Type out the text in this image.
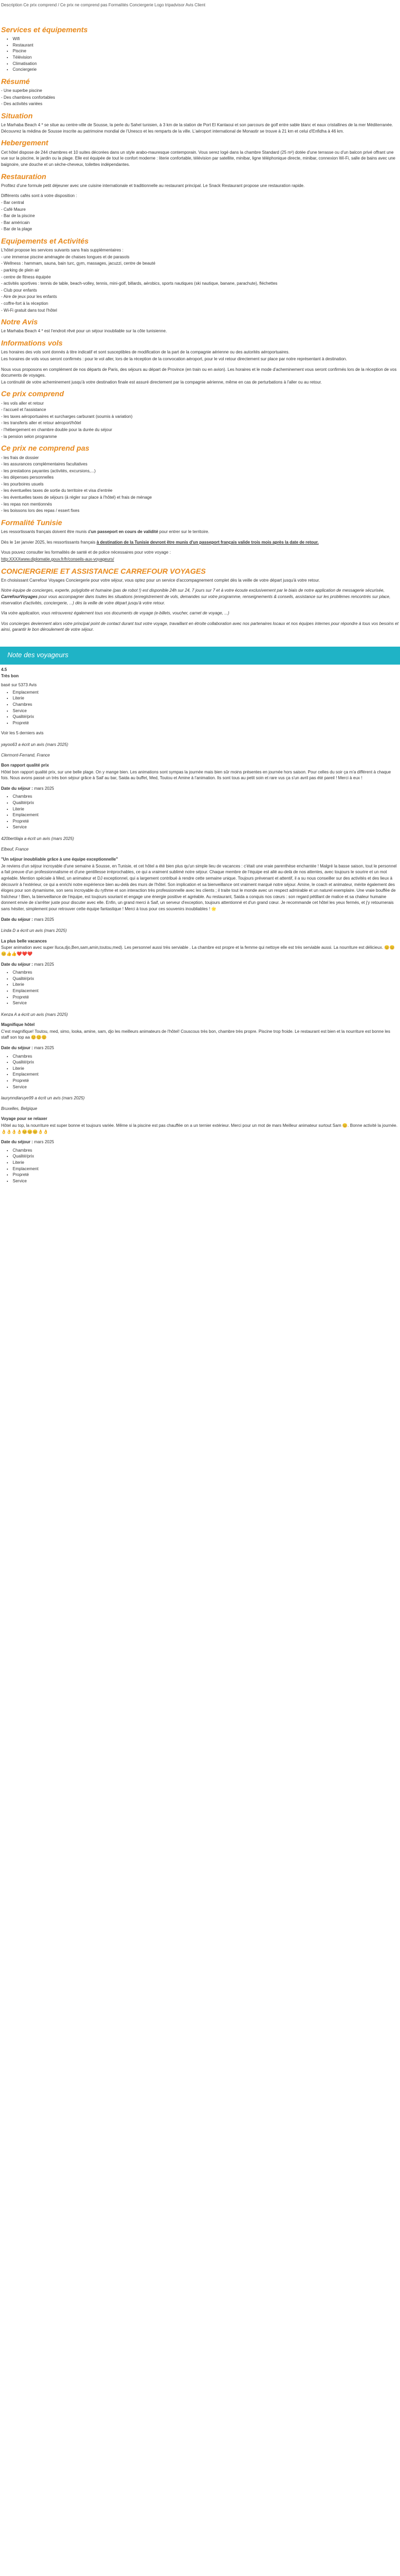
Description Ce prix comprend / Ce prix ne comprend pas Formalités Conciergerie Logo tripadvisor Avis Client
Services et équipements
• Wifi
• Restaurant
• Piscine
• Télévision
• Climatisation
• Conciergerie
Résumé

- Une superbe piscine

- Des chambres confortables

- Des activités variées

Situation

Le Marhaba Beach 4 * se situe au centre-ville de Sousse, la perle du Sahel tunisien, à 3 km de la station de Port El Kantaoui et son parcours de golf entre sable blanc et eaux cristallines de la mer Méditerranée. Découvrez la médina de Sousse inscrite au patrimoine mondial de l'Unesco et les remparts de la ville. L'aéroport international de Monastir se trouve à 21 km et celui d'Enfidha à 46 km.

Hebergement

Cet hôtel dispose de 244 chambres et 10 suites décorées dans un style arabo-mauresque contemporain. Vous serez logé dans la chambre Standard (25 m²) dotée d'une terrasse ou d'un balcon privé offrant une vue sur la piscine, le jardin ou la plage. Elle est équipée de tout le confort moderne : literie confortable, télévision par satellite, minibar, ligne téléphonique directe, minibar, connexion Wi-Fi, salle de bains avec une baignoire, une douche et un sèche-cheveux, toilettes indépendantes.

Restauration

Profitez d'une formule petit déjeuner avec une cuisine internationale et traditionnelle au restaurant principal. Le Snack Restaurant propose une restauration rapide.

Différents cafés sont à votre disposition :

- Bar central

- Café Maure

- Bar de la piscine

- Bar américain

- Bar de la plage

Equipements et Activités

L'hôtel propose les services suivants sans frais supplémentaires :

- une immense piscine aménagée de chaises longues et de parasols

- Wellness : hammam, sauna, bain turc, gym, massages, jacuzzi, centre de beauté

- parking de plein air

- centre de fitness équipée

- activités sportives : tennis de table, beach-volley, tennis, mini-golf, billards, aérobics, sports nautiques (ski nautique, banane, parachute), fléchettes

- Club pour enfants

- Aire de jeux pour les enfants

- coffre-fort à la réception

- Wi-Fi gratuit dans tout l'hôtel

Notre Avis

Le Marhaba Beach 4 * est l'endroit rêvé pour un séjour inoubliable sur la côte tunisienne.

Informations vols

Les horaires des vols sont donnés à titre indicatif et sont susceptibles de modification de la part de la compagnie aérienne ou des autorités aéroportuaires.

Les horaires de vols vous seront confirmés : pour le vol aller, lors de la réception de la convocation aéroport, pour le vol retour directement sur place par notre représentant à destination.

Nous vous proposons en complément de nos départs de Paris, des séjours au départ de Province (en train ou en avion). Les horaires et le mode d'acheminement vous seront confirmés lors de la réception de vos documents de voyages.

La continuité de votre acheminement jusqu'à votre destination finale est assuré directement par la compagnie aérienne, même en cas de perturbations à l'aller ou au retour.

Ce prix comprend

- les vols aller et retour

- l'accueil et l'assistance

- les taxes aéroportuaires et surcharges carburant (soumis à variation)

- les transferts aller et retour aéroport/hôtel

- l'hébergement en chambre double pour la durée du séjour

- la pension selon programme

Ce prix ne comprend pas

- les frais de dossier

- les assurances complémentaires facultatives

- les prestations payantes (activités, excursions,...)

- les dépenses personnelles

- les pourboires usuels

- les éventuelles taxes de sortie du territoire et visa d'entrée

- les éventuelles taxes de séjours (à régler sur place à l'hôtel) et frais de ménage

- les repas non mentionnés

- les boissons lors des repas / essert fixes

Formalité Tunisie

Les ressortissants français doivent être munis d'un passeport en cours de validité pour entrer sur le territoire.

Dès le 1er janvier 2025, les ressortissants français à destination de la Tunisie devront être munis d'un passeport français valide trois mois après la date de retour.

Vous pouvez consulter les formalités de santé et de police nécessaires pour votre voyage :

http:XXXXwww.diplomatie.gouv.fr/fr/conseils-aux-voyageurs/

CONCIERGERIE ET ASSISTANCE CARREFOUR VOYAGES

En choisissant Carrefour Voyages Conciergerie pour votre séjour, vous optez pour un service d'accompagnement complet dès la veille de votre départ jusqu'à votre retour.

Notre équipe de concierges, experte, polyglotte et humaine (pas de robot !) est disponible 24h sur 24, 7 jours sur 7 et à votre écoute exclusivement par le biais de notre application de messagerie sécurisée, CarrefourVoyages pour vous accompagner dans toutes les situations (enregistrement de vols, demandes sur votre programme, renseignements & conseils, assistance sur les problèmes rencontrés sur place, réservation d'activités, conciergerie, ...) dès la veille de votre départ jusqu'à votre retour.

Via votre application, vous retrouverez également tous vos documents de voyage (e-billets, voucher, carnet de voyage, ...)

Vos concierges deviennent alors votre principal point de contact durant tout votre voyage, travaillant en étroite collaboration avec nos partenaires locaux et nos équipes internes pour répondre à tous vos besoins et ainsi, garantir le bon déroulement de votre séjour.

Note des voyageurs

4.5

Très bon

basé sur 5373 Avis

• Emplacement
• Literie
• Chambres
• Service
• Qualité/prix
• Propreté

Voir les 5 derniers avis

yayoo63 a écrit un avis (mars 2025)

Clermont-Ferrand, France

Bon rapport qualité prix

Hôtel bon rapport qualité prix, sur une belle plage. On y mange bien. Les animations sont sympas la journée mais bien sûr moins présentes en journée hors saison. Pour celles du soir ça m'a différent à chaque fois. Nous avons passé un très bon séjour grâce à Saif au bar, Saida au buffet, Med, Toutou et Amine à l'animation. Ils sont tous au petit soin et rare vus ça s'un avril pas été pareil ! Merci à eux !

Date du séjour : mars 2025

• Chambres
• Qualité/prix
• Literie
• Emplacement
• Propreté
• Service

420bertilaja a écrit un avis (mars 2025)

Elbeuf, France

"Un séjour inoubliable grâce à une équipe exceptionnelle"

Je reviens d'un séjour incroyable d'une semaine à Sousse, en Tunisie, et cet hôtel a été bien plus qu'un simple lieu de vacances : c'était une vraie parenthèse enchantée ! Malgré la basse saison, tout le personnel a fait preuve d'un professionnalisme et d'une gentillesse irréprochables, ce qui a vraiment sublimé notre séjour. Chaque membre de l'équipe est allé au-delà de nos attentes, avec toujours le sourire et un mot agréable. Mention spéciale à Med, un animateur et DJ exceptionnel, qui a largement contribué à rendre cette semaine unique. Toujours prévenant et attentif, il a su nous conseiller sur des activités et des lieux à découvrir à l'extérieur, ce qui a enrichi notre expérience bien au-delà des murs de l'hôtel. Son implication et sa bienveillance ont vraiment marqué notre séjour. Amine, le coach et animateur, mérite également des éloges pour son dynamisme, son sens incroyable du rythme et son interaction très professionnelle avec les clients ; il traite tout le monde avec un respect admirable et un naturel exemplaire. Une vraie bouffée de fraîcheur ! Bien, la bienveillance de l'équipe, est toujours souriant et engage une énergie positive et agréable. Au restaurant, Saida a conquis nos cœurs : son regard pétillant de malice et sa chaleur humaine donnent envie de s'arrêter juste pour discuter avec elle. Enfin, un grand merci à Saif, un serveur d'exception, toujours attentionné et d'un grand cœur. Je recommande cet hôtel les yeux fermés, et j'y retournerais sans hésiter, simplement pour retrouver cette équipe fantastique ! Merci à tous pour ces souvenirs inoubliables ! 🌟

Date du séjour : mars 2025

Linda D a écrit un avis (mars 2025)

La plus belle vacances

Super animation avec super lluca,djo,Ben,sam,amin,toutou,med). Les personnel aussi très serviable . La chambre est propre et la femme qui nettoye elle est très serviable aussi. La nourriture est délicieux. 😊😊😊👍👍❤️❤️❤️

Date du séjour : mars 2025

• Chambres
• Qualité/prix
• Literie
• Emplacement
• Propreté
• Service

Kenza A a écrit un avis (mars 2025)

Magnifique hôtel

C'est magnifique! Toutou, med, simo, looka, amine, sam, djo les meilleurs animateurs de l'hôtel! Couscous très bon, chambre très propre. Piscine trop froide. Le restaurant est bien et la nourriture est bonne les staff son top aa 😊😊😊

Date du séjour : mars 2025

• Chambres
• Qualité/prix
• Literie
• Emplacement
• Propreté
• Service

laurynndiaruye99 a écrit un avis (mars 2025)

Bruxelles, Belgique

Voyage pour se relaxer

Hôtel au top, la nourriture est super bonne et toujours variée. Même si la piscine est pas chauffée on a un ternier extérieur. Merci pour un mot de mars Meilleur animateur surtout Sam 😊. Bonne activité la journée. 👌👌👌👌😊😊😊👌👌

Date du séjour : mars 2025

• Chambres
• Qualité/prix
• Literie
• Emplacement
• Propreté
• Service
